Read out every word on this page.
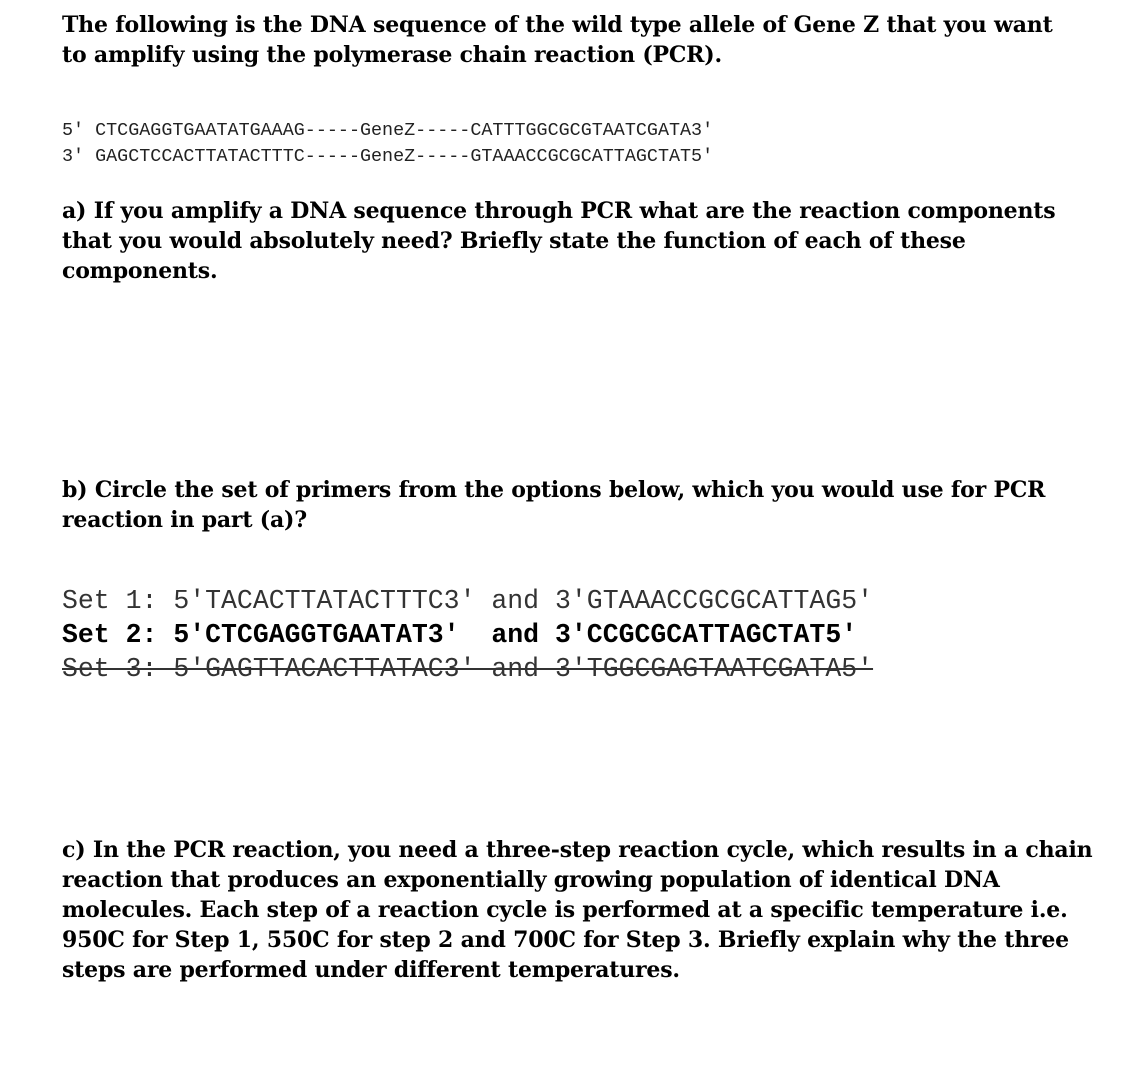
The following is the DNA sequence of the wild type allele of Gene Z that you want to amplify using the polymerase chain reaction (PCR).

5′ CTCGAGGTGAATATGAAAG-----GeneZ-----CATTTGGCGCGTAATCGATA3′
3′ GAGCTCCACTTATACTTTC-----GeneZ-----GTAAACCGCGCATTAGCTAT5′

a) If you amplify a DNA sequence through PCR what are the reaction components that you would absolutely need? Briefly state the function of each of these components.

b) Circle the set of primers from the options below, which you would use for PCR reaction in part (a)?

Set 1: 5′TACACTTATACTTTC3′ and 3′GTAAACCGCGCATTAG5′
Set 2: 5′CTCGAGGTGAATAT3′  and 3′CCGCGCATTAGCTAT5′
Set 3: 5′GAGTTACACTTATAC3′ and 3′TGGCGAGTAATCGATA5′

c) In the PCR reaction, you need a three-step reaction cycle, which results in a chain reaction that produces an exponentially growing population of identical DNA molecules. Each step of a reaction cycle is performed at a specific temperature i.e. 950C for Step 1, 550C for step 2 and 700C for Step 3. Briefly explain why the three steps are performed under different temperatures.
